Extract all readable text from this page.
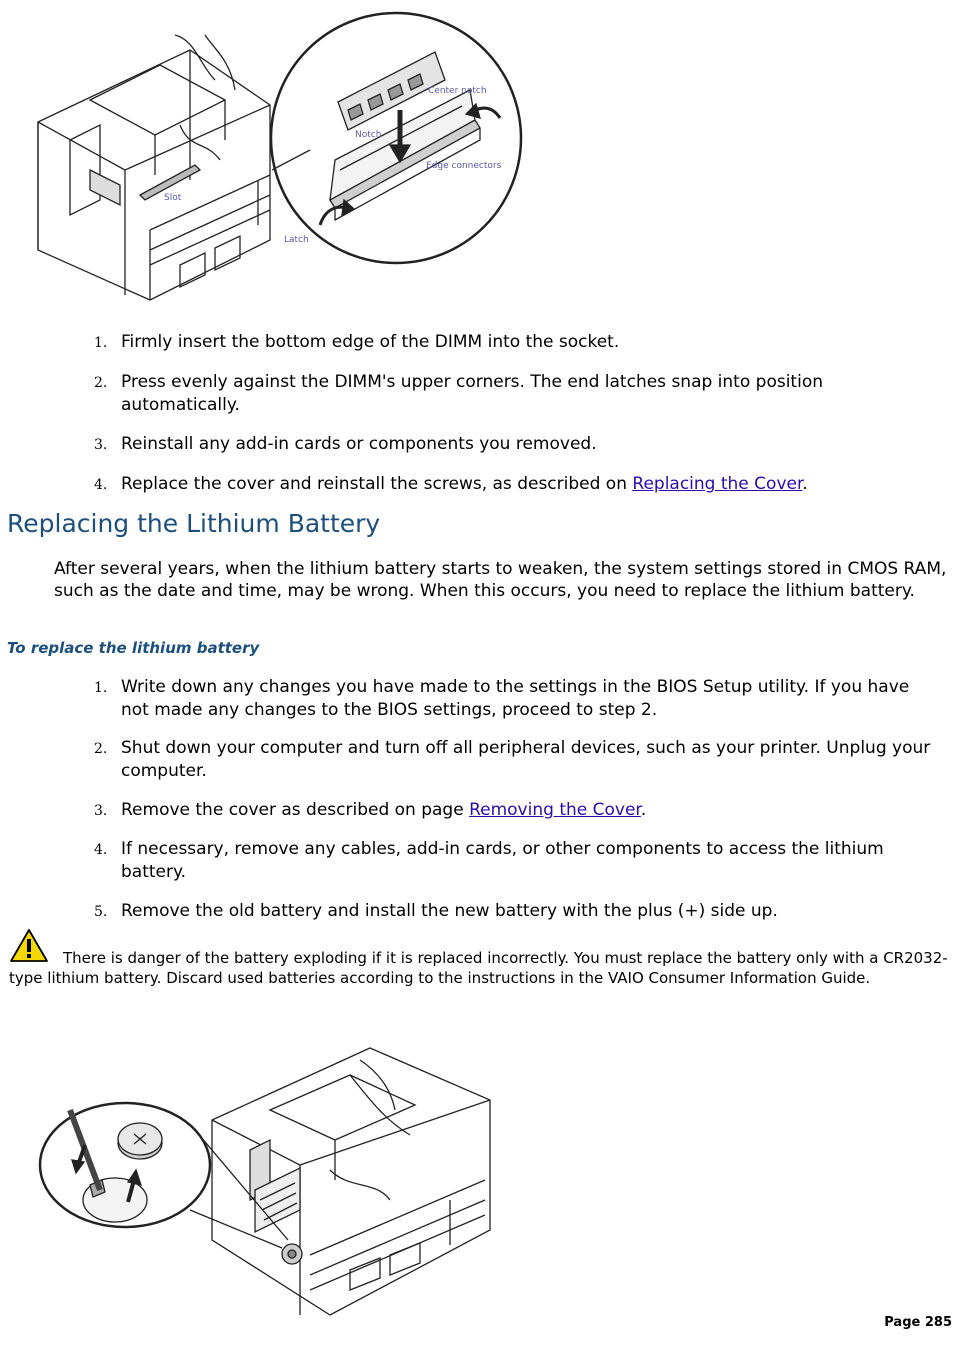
Center notch
Notch
Edge connectors
Slot
Latch
1. Firmly insert the bottom edge of the DIMM into the socket.
2. Press evenly against the DIMM's upper corners. The end latches snap into position automatically.
3. Reinstall any add-in cards or components you removed.
4. Replace the cover and reinstall the screws, as described on Replacing the Cover.
Replacing the Lithium Battery

After several years, when the lithium battery starts to weaken, the system settings stored in CMOS RAM, such as the date and time, may be wrong. When this occurs, you need to replace the lithium battery.

To replace the lithium battery

1. Write down any changes you have made to the settings in the BIOS Setup utility. If you have not made any changes to the BIOS settings, proceed to step 2.
2. Shut down your computer and turn off all peripheral devices, such as your printer. Unplug your computer.
3. Remove the cover as described on page Removing the Cover.
4. If necessary, remove any cables, add-in cards, or other components to access the lithium battery.
5. Remove the old battery and install the new battery with the plus (+) side up.

There is danger of the battery exploding if it is replaced incorrectly. You must replace the battery only with a CR2032-type lithium battery. Discard used batteries according to the instructions in the VAIO Consumer Information Guide.

Page 285
